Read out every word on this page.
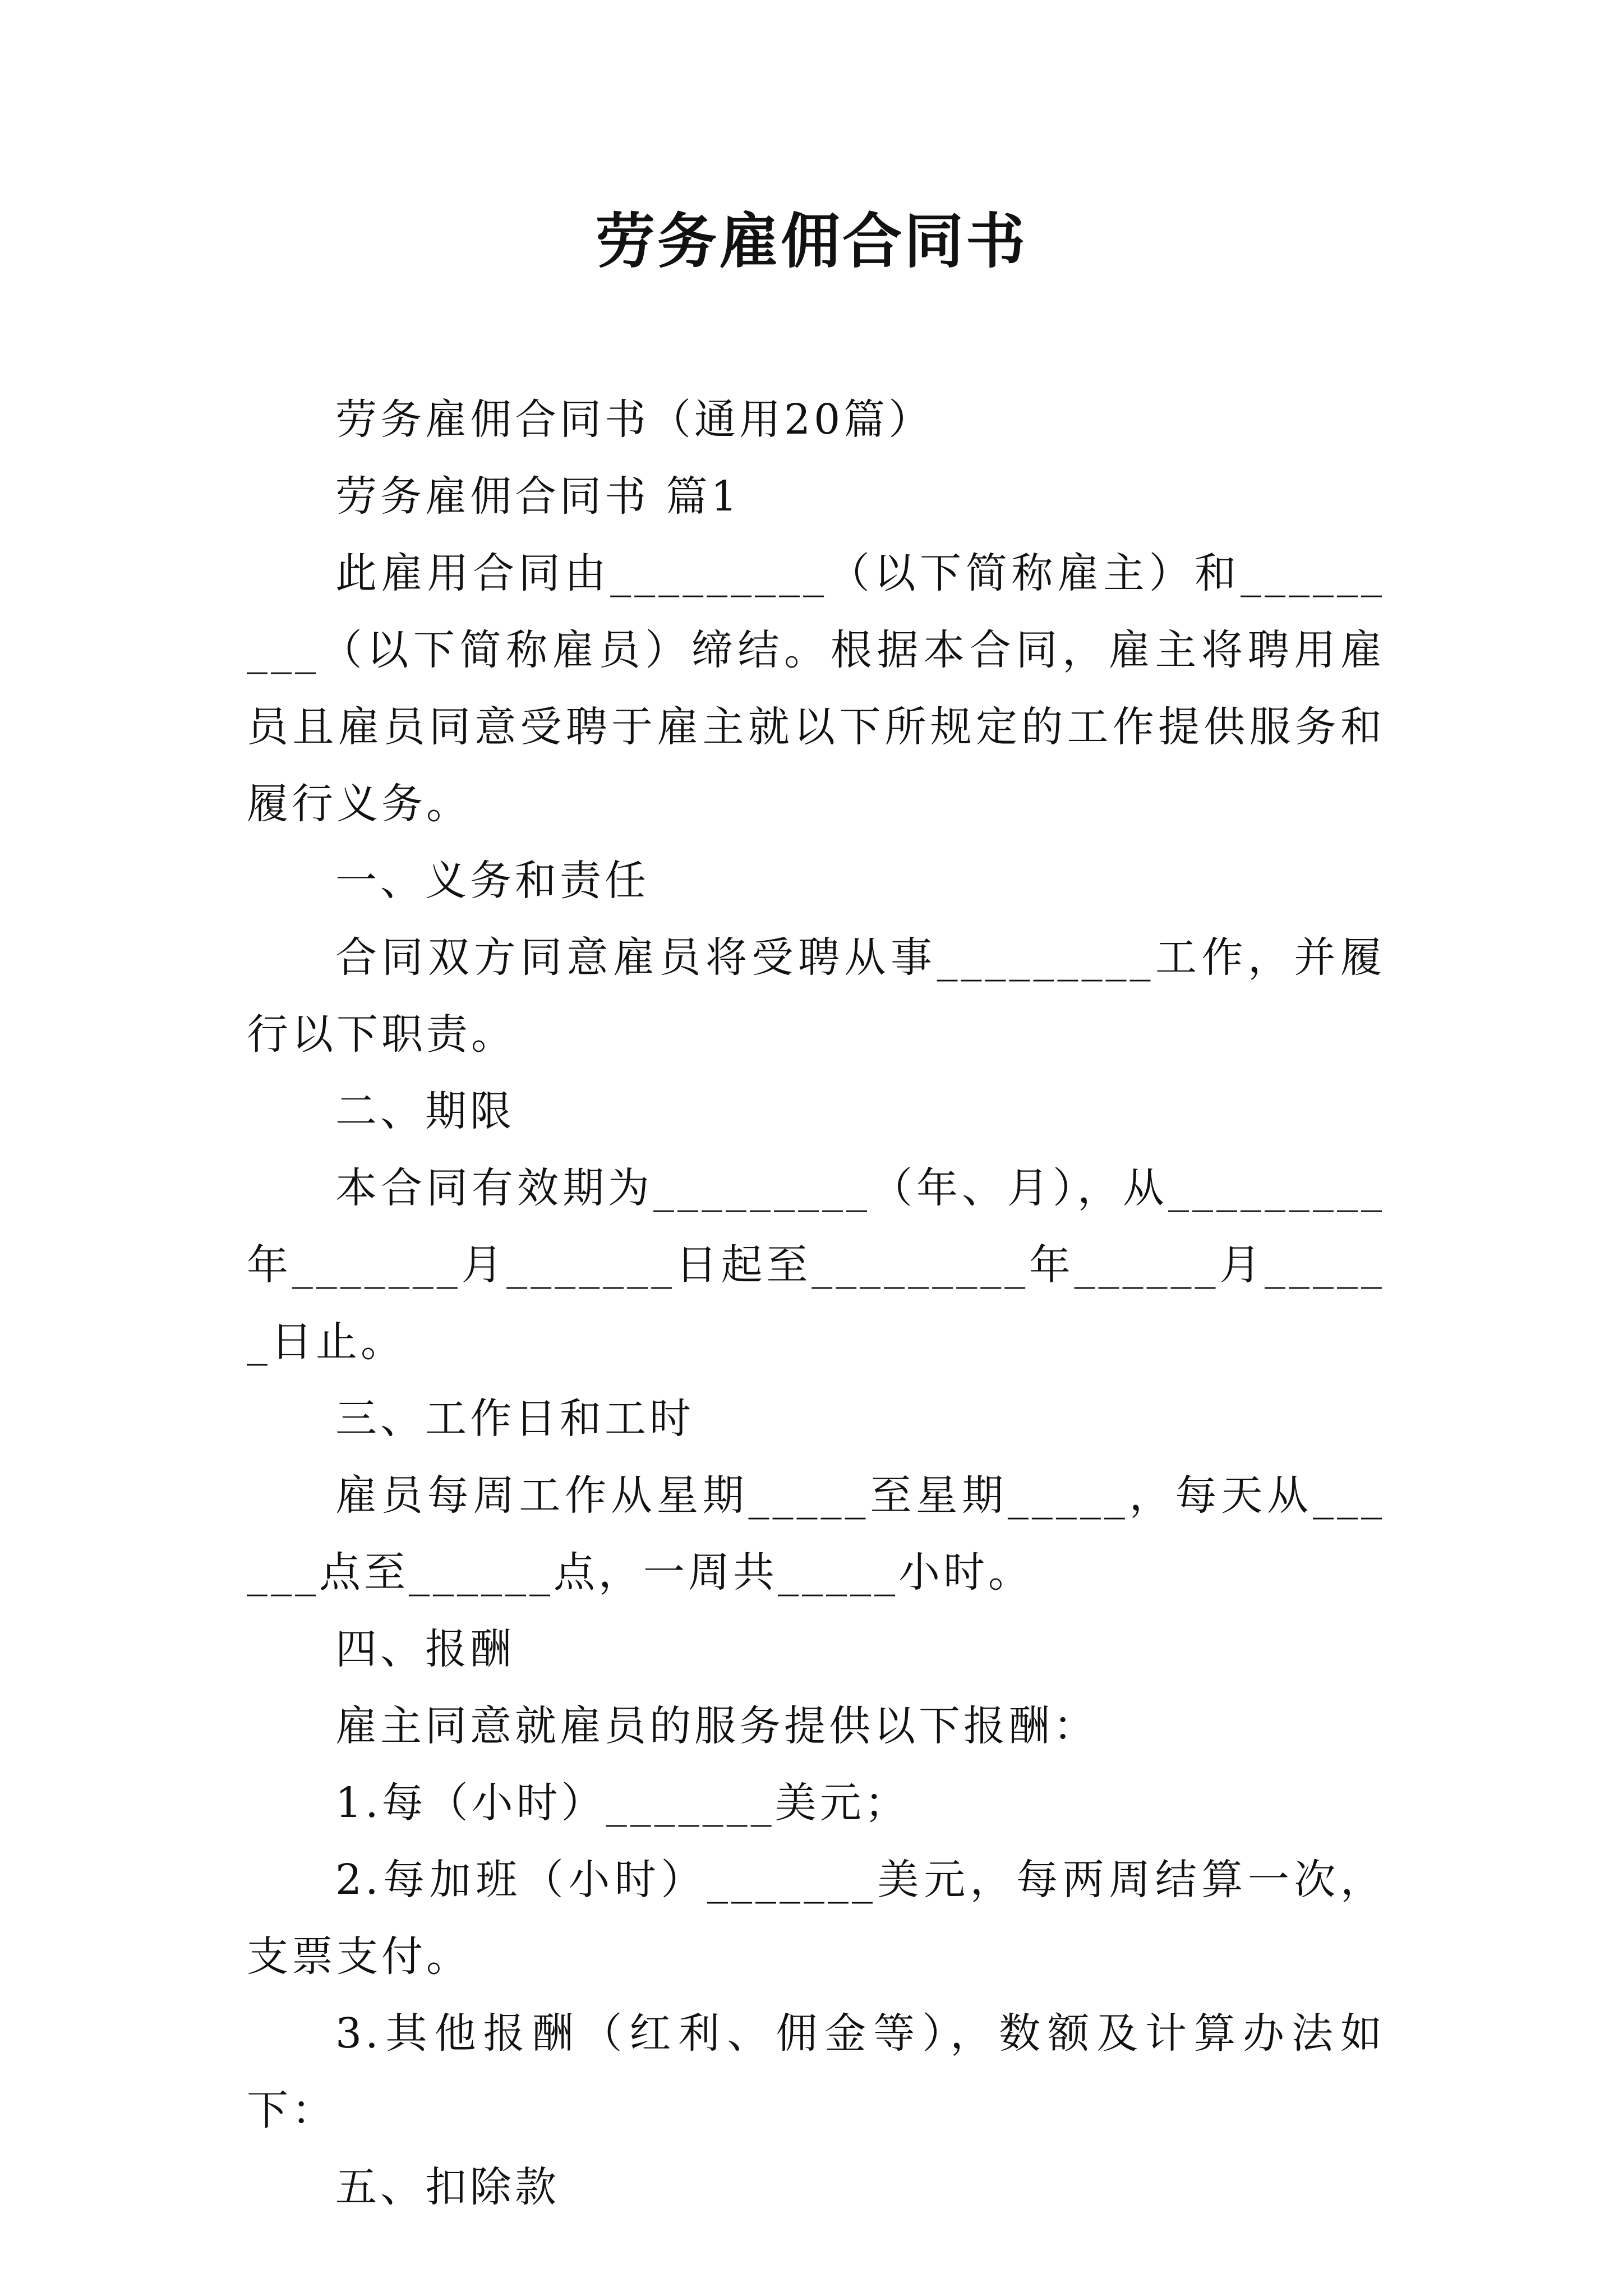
劳务雇佣合同书

劳务雇佣合同书（通用20篇）

劳务雇佣合同书 篇1

此雇用合同由_________（以下简称雇主）和_________（以下简称雇员）缔结。根据本合同，雇主将聘用雇员且雇员同意受聘于雇主就以下所规定的工作提供服务和履行义务。

一、义务和责任

合同双方同意雇员将受聘从事_________工作，并履行以下职责。

二、期限

本合同有效期为_________（年、月），从_________年_______月_______日起至_________年______月______日止。

三、工作日和工时

雇员每周工作从星期_____至星期_____，每天从______点至______点，一周共_____小时。

四、报酬

雇主同意就雇员的服务提供以下报酬：

1.每（小时）_______美元；

2.每加班（小时）_______美元，每两周结算一次，支票支付。

3.其他报酬（红利、佣金等），数额及计算办法如下：

五、扣除款
